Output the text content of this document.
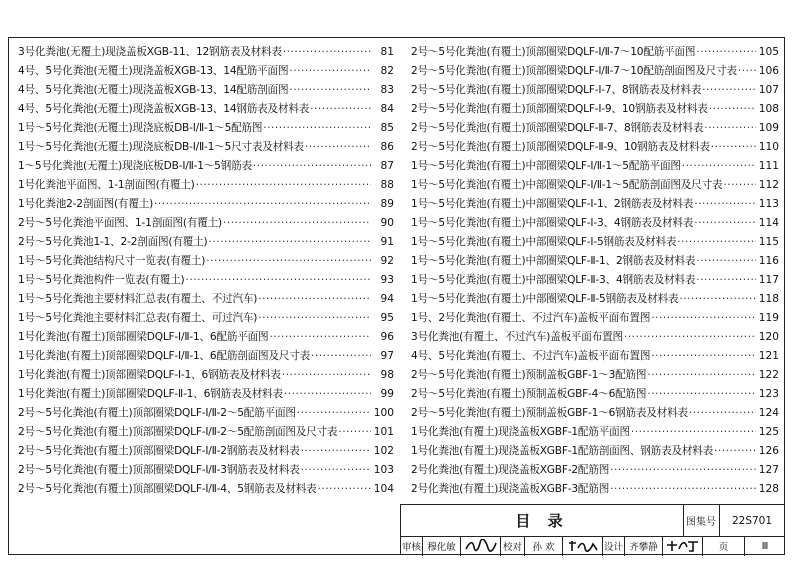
3号化粪池(无覆土)现浇盖板XGB-11、12钢筋表及材料表 ·····	81
4号、5号化粪池(无覆土)现浇盖板XGB-13、14配筋平面图 ·····	82
4号、5号化粪池(无覆土)现浇盖板XGB-13、14配筋剖面图 ·····	83
4号、5号化粪池(无覆土)现浇盖板XGB-13、14钢筋表及材料表 ·····	84
1号～5号化粪池(无覆土)现浇底板DB-Ⅰ/Ⅱ-1～5配筋图 ·····	85
1号～5号化粪池(无覆土)现浇底板DB-Ⅰ/Ⅱ-1～5尺寸表及材料表 ·····	86
1～5号化粪池(无覆土)现浇底板DB-Ⅰ/Ⅱ-1～5钢筋表 ·····	87
1号化粪池平面图、1-1剖面图(有覆土) ·····	88
1号化粪池2-2剖面图(有覆土) ·····	89
2号～5号化粪池平面图、1-1剖面图(有覆土) ·····	90
2号～5号化粪池1-1、2-2剖面图(有覆土) ·····	91
1号～5号化粪池结构尺寸一览表(有覆土) ·····	92
1号～5号化粪池构件一览表(有覆土) ·····	93
1号～5号化粪池主要材料汇总表(有覆土、不过汽车) ·····	94
1号～5号化粪池主要材料汇总表(有覆土、可过汽车) ·····	95
1号化粪池(有覆土)顶部圈梁DQLF-Ⅰ/Ⅱ-1、6配筋平面图 ·····	96
1号化粪池(有覆土)顶部圈梁DQLF-Ⅰ/Ⅱ-1、6配筋剖面图及尺寸表 ·····	97
1号化粪池(有覆土)顶部圈梁DQLF-Ⅰ-1、6钢筋表及材料表 ·····	98
1号化粪池(有覆土)顶部圈梁DQLF-Ⅱ-1、6钢筋表及材料表 ·····	99
2号～5号化粪池(有覆土)顶部圈梁DQLF-Ⅰ/Ⅱ-2～5配筋平面图 ·····	100
2号～5号化粪池(有覆土)顶部圈梁DQLF-Ⅰ/Ⅱ-2～5配筋剖面图及尺寸表 ·····	101
2号～5号化粪池(有覆土)顶部圈梁DQLF-Ⅰ/Ⅱ-2钢筋表及材料表 ·····	102
2号～5号化粪池(有覆土)顶部圈梁DQLF-Ⅰ/Ⅱ-3钢筋表及材料表 ·····	103
2号～5号化粪池(有覆土)顶部圈梁DQLF-Ⅰ/Ⅱ-4、5钢筋表及材料表 ·····	104
2号～5号化粪池(有覆土)顶部圈梁DQLF-Ⅰ/Ⅱ-7～10配筋平面图 ·····	105
2号～5号化粪池(有覆土)顶部圈梁DQLF-Ⅰ/Ⅱ-7～10配筋剖面图及尺寸表 ····· 106
2号～5号化粪池(有覆土)顶部圈梁DQLF-Ⅰ-7、8钢筋表及材料表 ·····	107
2号～5号化粪池(有覆土)顶部圈梁DQLF-Ⅰ-9、10钢筋表及材料表 ·····	108
2号～5号化粪池(有覆土)顶部圈梁DQLF-Ⅱ-7、8钢筋表及材料表 ·····	109
2号～5号化粪池(有覆土)顶部圈梁DQLF-Ⅱ-9、10钢筋表及材料表 ·····	110
1号～5号化粪池(有覆土)中部圈梁QLF-Ⅰ/Ⅱ-1～5配筋平面图 ·····	111
1号～5号化粪池(有覆土)中部圈梁QLF-Ⅰ/Ⅱ-1～5配筋剖面图及尺寸表 ·····	112
1号～5号化粪池(有覆土)中部圈梁QLF-Ⅰ-1、2钢筋表及材料表 ·····	113
1号～5号化粪池(有覆土)中部圈梁QLF-Ⅰ-3、4钢筋表及材料表 ·····	114
1号～5号化粪池(有覆土)中部圈梁QLF-Ⅰ-5钢筋表及材料表 ·····	115
1号～5号化粪池(有覆土)中部圈梁QLF-Ⅱ-1、2钢筋表及材料表 ·····	116
1号～5号化粪池(有覆土)中部圈梁QLF-Ⅱ-3、4钢筋表及材料表 ·····	117
1号～5号化粪池(有覆土)中部圈梁QLF-Ⅱ-5钢筋表及材料表 ·····	118
1号、2号化粪池(有覆土、不过汽车)盖板平面布置图 ·····	119
3号化粪池(有覆土、不过汽车)盖板平面布置图 ·····	120
4号、5号化粪池(有覆土、不过汽车)盖板平面布置图 ·····	121
2号～5号化粪池(有覆土)预制盖板GBF-1～3配筋图 ·····	122
2号～5号化粪池(有覆土)预制盖板GBF-4～6配筋图 ·····	123
2号～5号化粪池(有覆土)预制盖板GBF-1～6钢筋表及材料表 ·····	124
1号化粪池(有覆土)现浇盖板XGBF-1配筋平面图 ·····	125
1号化粪池(有覆土)现浇盖板XGBF-1配筋剖面图、钢筋表及材料表 ·····	126
2号化粪池(有覆土)现浇盖板XGBF-2配筋图 ·····	127
2号化粪池(有覆土)现浇盖板XGBF-3配筋图 ·····	128
目 录	图集号	22S701
审核 穆化敏	校对	孙 欢	设计 齐攀静	页	Ⅲ
